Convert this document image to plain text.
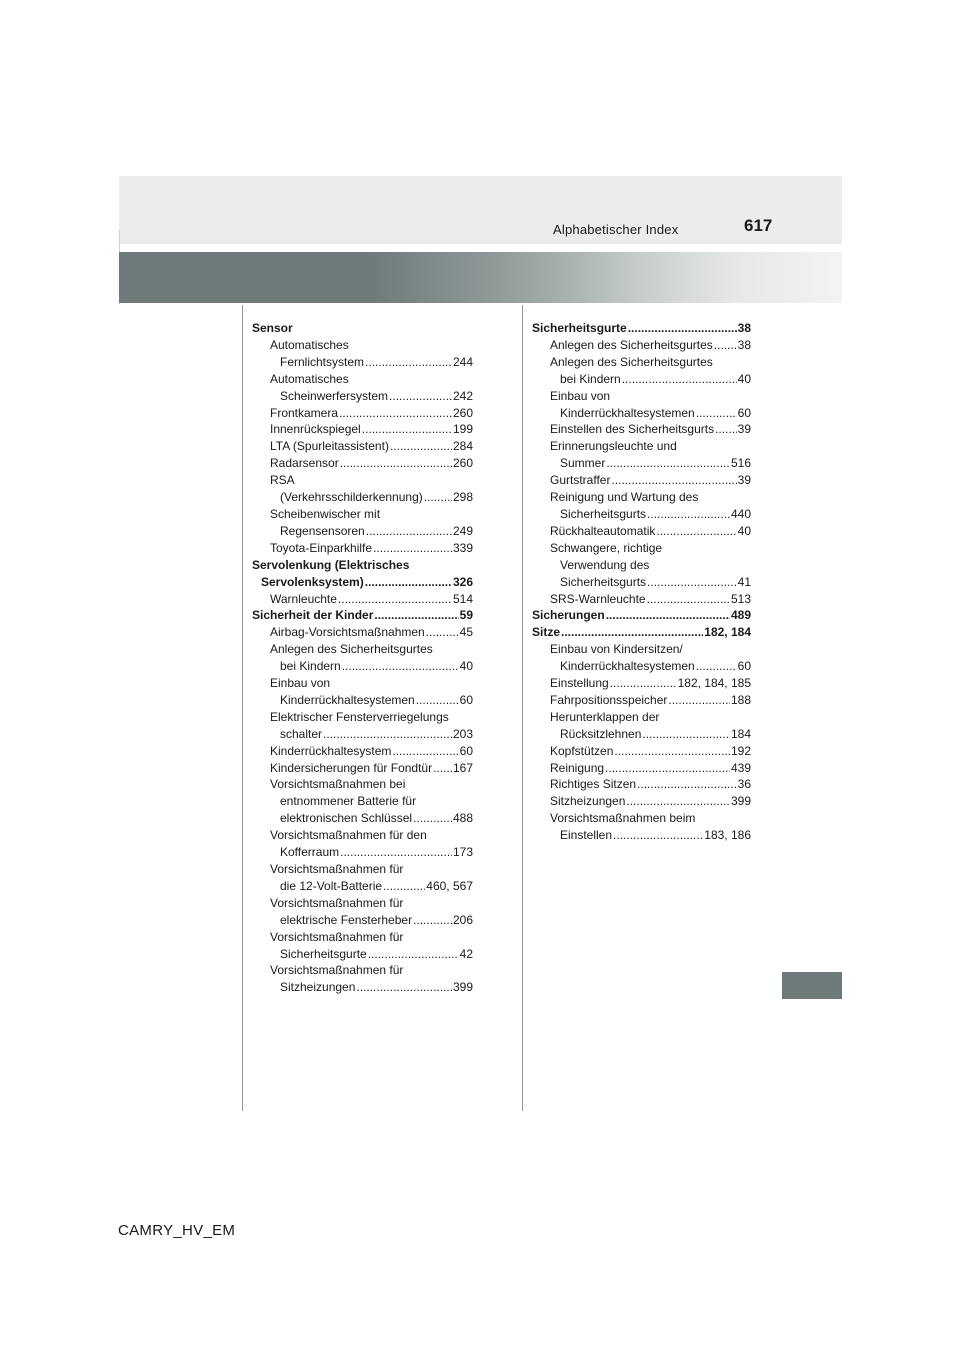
Alphabetischer Index	617
Sensor
Automatisches
Fernlichtsystem .....	244
Automatisches
Scheinwerfersystem .....	242
Frontkamera .....	260
Innenrückspiegel .....	199
LTA (Spurleitassistent) .....	284
Radarsensor .....	260
RSA
(Verkehrsschilderkennung) .....	298
Scheibenwischer mit
Regensensoren .....	249
Toyota-Einparkhilfe .....	339
Servolenkung (Elektrisches
Servolenksystem) .....	326
Warnleuchte .....	514
Sicherheit der Kinder .....	59
Airbag-Vorsichtsmaßnahmen .....	45
Anlegen des Sicherheitsgurtes
bei Kindern .....	40
Einbau von
Kinderrückhaltesystemen .....	60
Elektrischer Fensterverriegelungs
schalter .....	203
Kinderrückhaltesystem .....	60
Kindersicherungen für Fondtür ..... 167
Vorsichtsmaßnahmen bei
entnommener Batterie für
elektronischen Schlüssel .....	488
Vorsichtsmaßnahmen für den
Kofferraum .....	173
Vorsichtsmaßnahmen für
die 12-Volt-Batterie .....	460, 567
Vorsichtsmaßnahmen für
elektrische Fensterheber .....	206
Vorsichtsmaßnahmen für
Sicherheitsgurte .....	42
Vorsichtsmaßnahmen für
Sitzheizungen .....	399
Sicherheitsgurte .....	38
Anlegen des Sicherheitsgurtes ..... 38
Anlegen des Sicherheitsgurtes
bei Kindern .....	40
Einbau von
Kinderrückhaltesystemen .....	60
Einstellen des Sicherheitsgurts ..... 39
Erinnerungsleuchte und
Summer .....	516
Gurtstraffer .....	39
Reinigung und Wartung des
Sicherheitsgurts .....	440
Rückhalteautomatik .....	40
Schwangere, richtige
Verwendung des
Sicherheitsgurts .....	41
SRS-Warnleuchte .....	513
Sicherungen .....	489
Sitze .....	182, 184
Einbau von Kindersitzen/
Kinderrückhaltesystemen .....	60
Einstellung .....	182, 184, 185
Fahrpositionsspeicher .....	188
Herunterklappen der
Rücksitzlehnen .....	184
Kopfstützen .....	192
Reinigung .....	439
Richtiges Sitzen .....	36
Sitzheizungen .....	399
Vorsichtsmaßnahmen beim
Einstellen .....	183, 186
CAMRY_HV_EM
